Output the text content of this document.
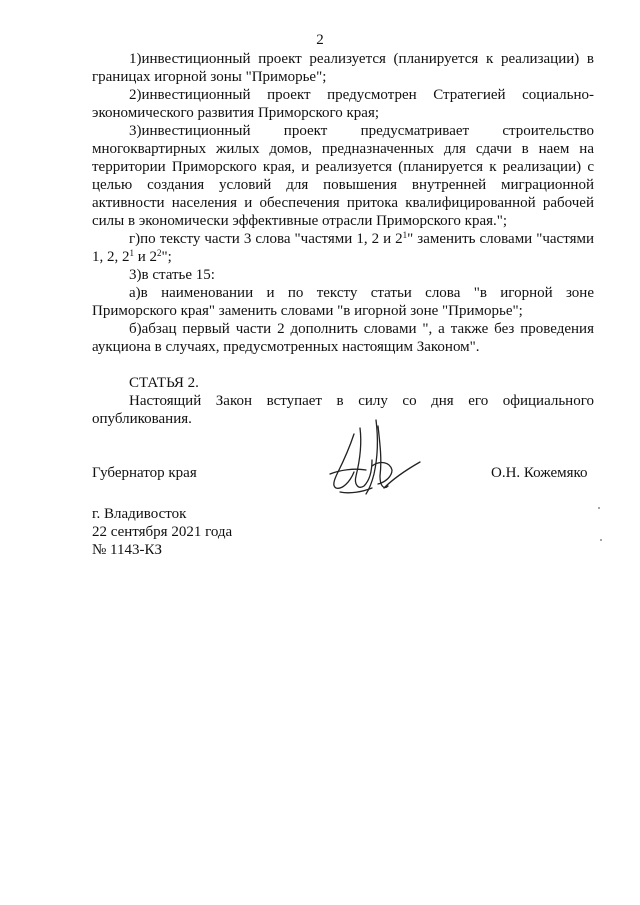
2

1)инвестиционный проект реализуется (планируется к реализации) в границах игорной зоны "Приморье";

2)инвестиционный проект предусмотрен Стратегией социально-экономического развития Приморского края;

3)инвестиционный проект предусматривает строительство многоквартирных жилых домов, предназначенных для сдачи в наем на территории Приморского края, и реализуется (планируется к реализации) с целью создания условий для повышения внутренней миграционной активности населения и обеспечения притока квалифицированной рабочей силы в экономически эффективные отрасли Приморского края.";

г)по тексту части 3 слова "частями 1, 2 и $2^1$" заменить словами "частями 1, 2, $2^1$ и $2^2$";

3)в статье 15:

а)в наименовании и по тексту статьи слова "в игорной зоне Приморского края" заменить словами "в игорной зоне "Приморье";

б)абзац первый части 2 дополнить словами ", а также без проведения аукциона в случаях, предусмотренных настоящим Законом".

СТАТЬЯ 2.

Настоящий Закон вступает в силу со дня его официального опубликования.

Губернатор края	О.Н. Кожемяко
г. Владивосток
22 сентября 2021 года
№ 1143-КЗ
